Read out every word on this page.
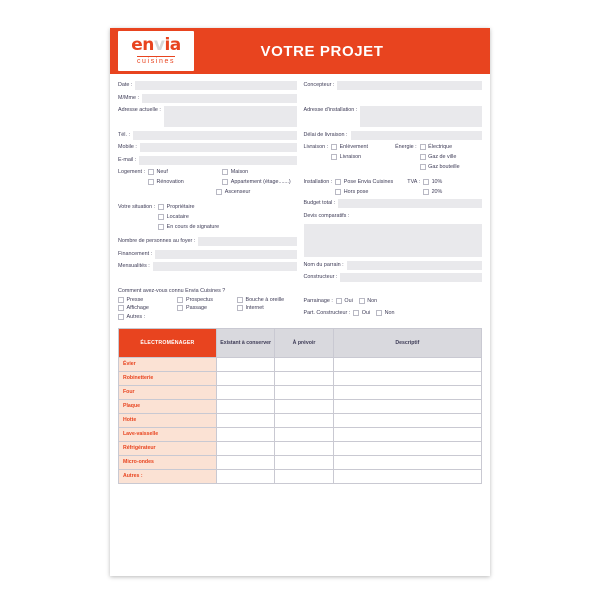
envia
cuisines
VOTRE PROJET
Date :
M/Mme :
Adresse actuelle :
Tél. :
Mobile :
E-mail :
Logement : Neuf	Maison
Rénovation	Appartement (étage.......)
Ascenseur
Votre situation : Propriétaire
Locataire
En cours de signature
Nombre de personnes au foyer :
Financement :
Mensualités :
Concepteur :
Adresse d'installation :
Délai de livraison :
Livraison : Enlèvement
Livraison
Énergie : Électrique
Gaz de ville
Gaz bouteille
Installation : Pose Envia Cuisines
Hors pose
TVA : 10%
20%
Budget total :
Devis comparatifs :
Nom du parrain :
Constructeur :
Comment avez-vous connu Envia Cuisines ?
Presse	Prospectus	Bouche à oreille
Affichage	Passage	Internet
Autres :
Parrainage : Oui	Non
Part. Constructeur : Oui	Non
ÉLECTROMÉNAGER	Existant à conserver	À prévoir	Descriptif
Évier			
Robinetterie			
Four			
Plaque			
Hotte			
Lave-vaisselle			
Réfrigérateur			
Micro-ondes			
Autres :			
